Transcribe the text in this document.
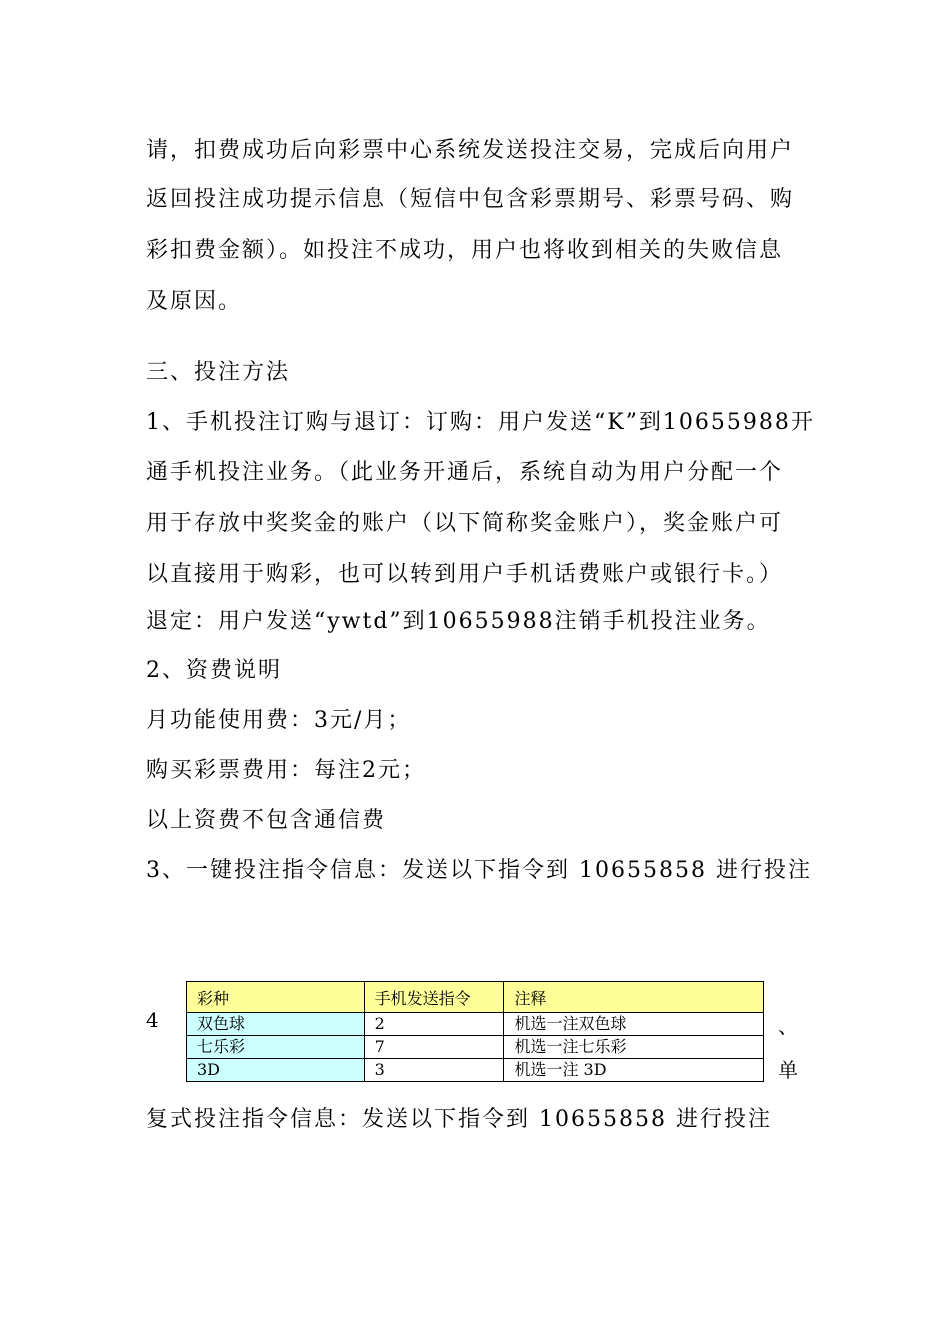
请，扣费成功后向彩票中心系统发送投注交易，完成后向用户
返回投注成功提示信息（短信中包含彩票期号、彩票号码、购
彩扣费金额）。如投注不成功，用户也将收到相关的失败信息
及原因。
三、投注方法
1、手机投注订购与退订：订购：用户发送“K”到10655988开
通手机投注业务。（此业务开通后，系统自动为用户分配一个
用于存放中奖奖金的账户（以下简称奖金账户），奖金账户可
以直接用于购彩，也可以转到用户手机话费账户或银行卡。）
退定：用户发送“ywtd”到10655988注销手机投注业务。
2、资费说明
月功能使用费：3元/月；
购买彩票费用：每注2元；
以上资费不包含通信费
3、一键投注指令信息：发送以下指令到 10655858 进行投注
4	、
单
彩种	手机发送指令	注释
双色球	2	机选一注双色球
七乐彩	7	机选一注七乐彩
3D	3	机选一注 3D
复式投注指令信息：发送以下指令到 10655858 进行投注
